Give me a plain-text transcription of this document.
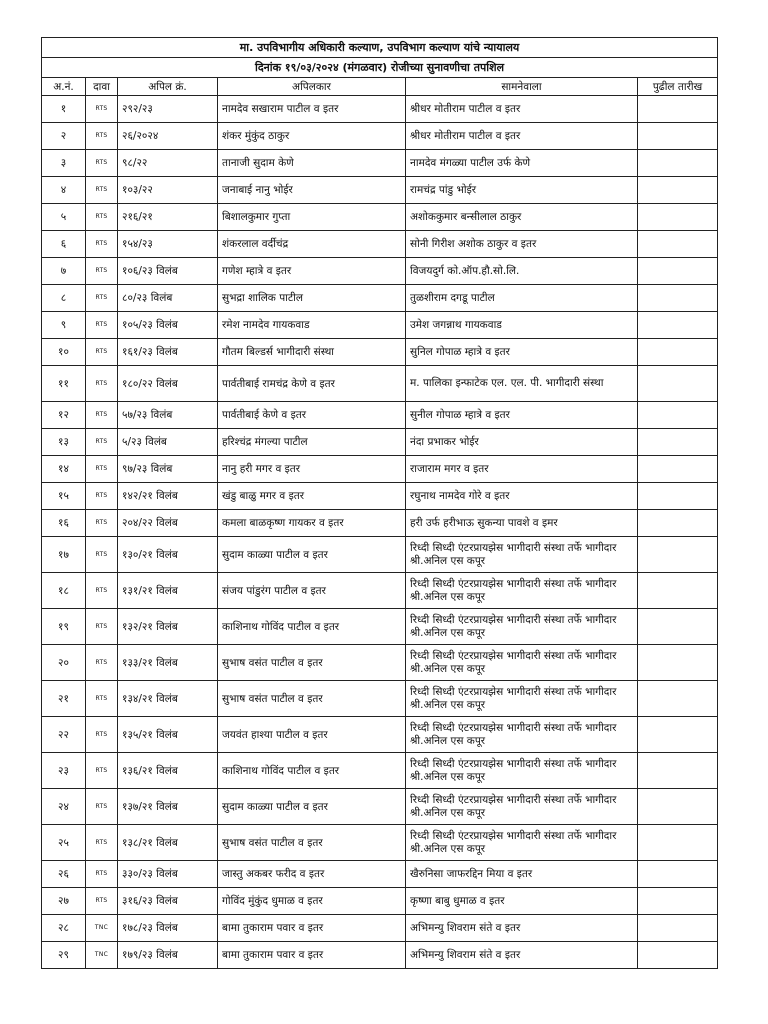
मा. उपविभागीय अधिकारी कल्याण, उपविभाग कल्याण यांचे न्यायालय					
दिनांक १९/०३/२०२४ (मंगळवार) रोजीच्या सुनावणीचा तपशिल					
अ.नं.	दावा	अपिल क्रं.	अपिलकार	सामनेवाला	पुढील तारीख
१	RTS	२९२/२३	नामदेव सखाराम पाटील व इतर	श्रीधर मोतीराम पाटील व इतर	
२	RTS	२६/२०२४	शंकर मुंकुंद ठाकुर	श्रीधर मोतीराम पाटील व इतर	
३	RTS	९८/२२	तानाजी सुदाम केणे	नामदेव मंगळ्या पाटील उर्फ केणे	
४	RTS	१०३/२२	जनाबाई नानु भोईर	रामचंद्र पांडु भोईर	
५	RTS	२१६/२१	बिशालकुमार गुप्ता	अशोककुमार बन्सीलाल ठाकुर	
६	RTS	१५४/२३	शंकरलाल वर्दीचंद्र	सोनी गिरीश अशोक ठाकुर व इतर	
७	RTS	१०६/२३ विलंब	गणेश म्हात्रे व इतर	विजयदुर्ग को.ऑप.हौ.सो.लि.	
८	RTS	८०/२३ विलंब	सुभद्रा शालिक पाटील	तुळशीराम दगडू पाटील	
९	RTS	१०५/२३ विलंब	रमेश नामदेव गायकवाड	उमेश जगन्नाथ गायकवाड	
१०	RTS	१६१/२३ विलंब	गौतम बिल्डर्स भागीदारी संस्था	सुनिल गोपाळ म्हात्रे व इतर	
११	RTS	१८०/२२ विलंब	पार्वतीबाई रामचंद्र केणे व इतर	म. पालिका इन्फाटेक एल. एल. पी. भागीदारी संस्था	
१२	RTS	५७/२३ विलंब	पार्वतीबाई केणे व इतर	सुनील गोपाळ म्हात्रे व इतर	
१३	RTS	५/२३ विलंब	हरिश्चंद्र मंगल्या पाटील	नंदा प्रभाकर भोईर	
१४	RTS	९७/२३ विलंब	नानु हरी मगर व इतर	राजाराम मगर व इतर	
१५	RTS	१४२/२१ विलंब	खंडु बाळु मगर व इतर	रघुनाथ नामदेव गोरे व इतर	
१६	RTS	२०४/२२ विलंब	कमला बाळकृष्ण गायकर व इतर	हरी उर्फ हरीभाऊ सुकन्या पावशे व इमर	
१७	RTS	१३०/२१ विलंब	सुदाम काळ्या पाटील व इतर	रिध्दी सिध्दी एंटरप्रायझेस भागीदारी संस्था तर्फे भागीदार श्री.अनिल एस कपूर	
१८	RTS	१३१/२१ विलंब	संजय पांडुरंग पाटील व इतर	रिध्दी सिध्दी एंटरप्रायझेस भागीदारी संस्था तर्फे भागीदार श्री.अनिल एस कपूर	
१९	RTS	१३२/२१ विलंब	काशिनाथ गोविंद पाटील व इतर	रिध्दी सिध्दी एंटरप्रायझेस भागीदारी संस्था तर्फे भागीदार श्री.अनिल एस कपूर	
२०	RTS	१३३/२१ विलंब	सुभाष वसंत पाटील व इतर	रिध्दी सिध्दी एंटरप्रायझेस भागीदारी संस्था तर्फे भागीदार श्री.अनिल एस कपूर	
२१	RTS	१३४/२१ विलंब	सुभाष वसंत पाटील व इतर	रिध्दी सिध्दी एंटरप्रायझेस भागीदारी संस्था तर्फे भागीदार श्री.अनिल एस कपूर	
२२	RTS	१३५/२१ विलंब	जयवंत हाश्या पाटील व इतर	रिध्दी सिध्दी एंटरप्रायझेस भागीदारी संस्था तर्फे भागीदार श्री.अनिल एस कपूर	
२३	RTS	१३६/२१ विलंब	काशिनाथ गोविंद पाटील व इतर	रिध्दी सिध्दी एंटरप्रायझेस भागीदारी संस्था तर्फे भागीदार श्री.अनिल एस कपूर	
२४	RTS	१३७/२१ विलंब	सुदाम काळ्या पाटील व इतर	रिध्दी सिध्दी एंटरप्रायझेस भागीदारी संस्था तर्फे भागीदार श्री.अनिल एस कपूर	
२५	RTS	१३८/२१ विलंब	सुभाष वसंत पाटील व इतर	रिध्दी सिध्दी एंटरप्रायझेस भागीदारी संस्था तर्फे भागीदार श्री.अनिल एस कपूर	
२६	RTS	३३०/२३ विलंब	जास्तु अकबर फरीद व इतर	खैरुनिसा जाफरद्दिन मिया व इतर	
२७	RTS	३१६/२३ विलंब	गोविंद मुंकुंद धुमाळ व इतर	कृष्णा बाबु धुमाळ व इतर	
२८	TNC	१७८/२३ विलंब	बामा तुकाराम पवार व इतर	अभिमन्यु शिवराम संते व इतर	
२९	TNC	१७९/२३ विलंब	बामा तुकाराम पवार व इतर	अभिमन्यु शिवराम संते व इतर	
